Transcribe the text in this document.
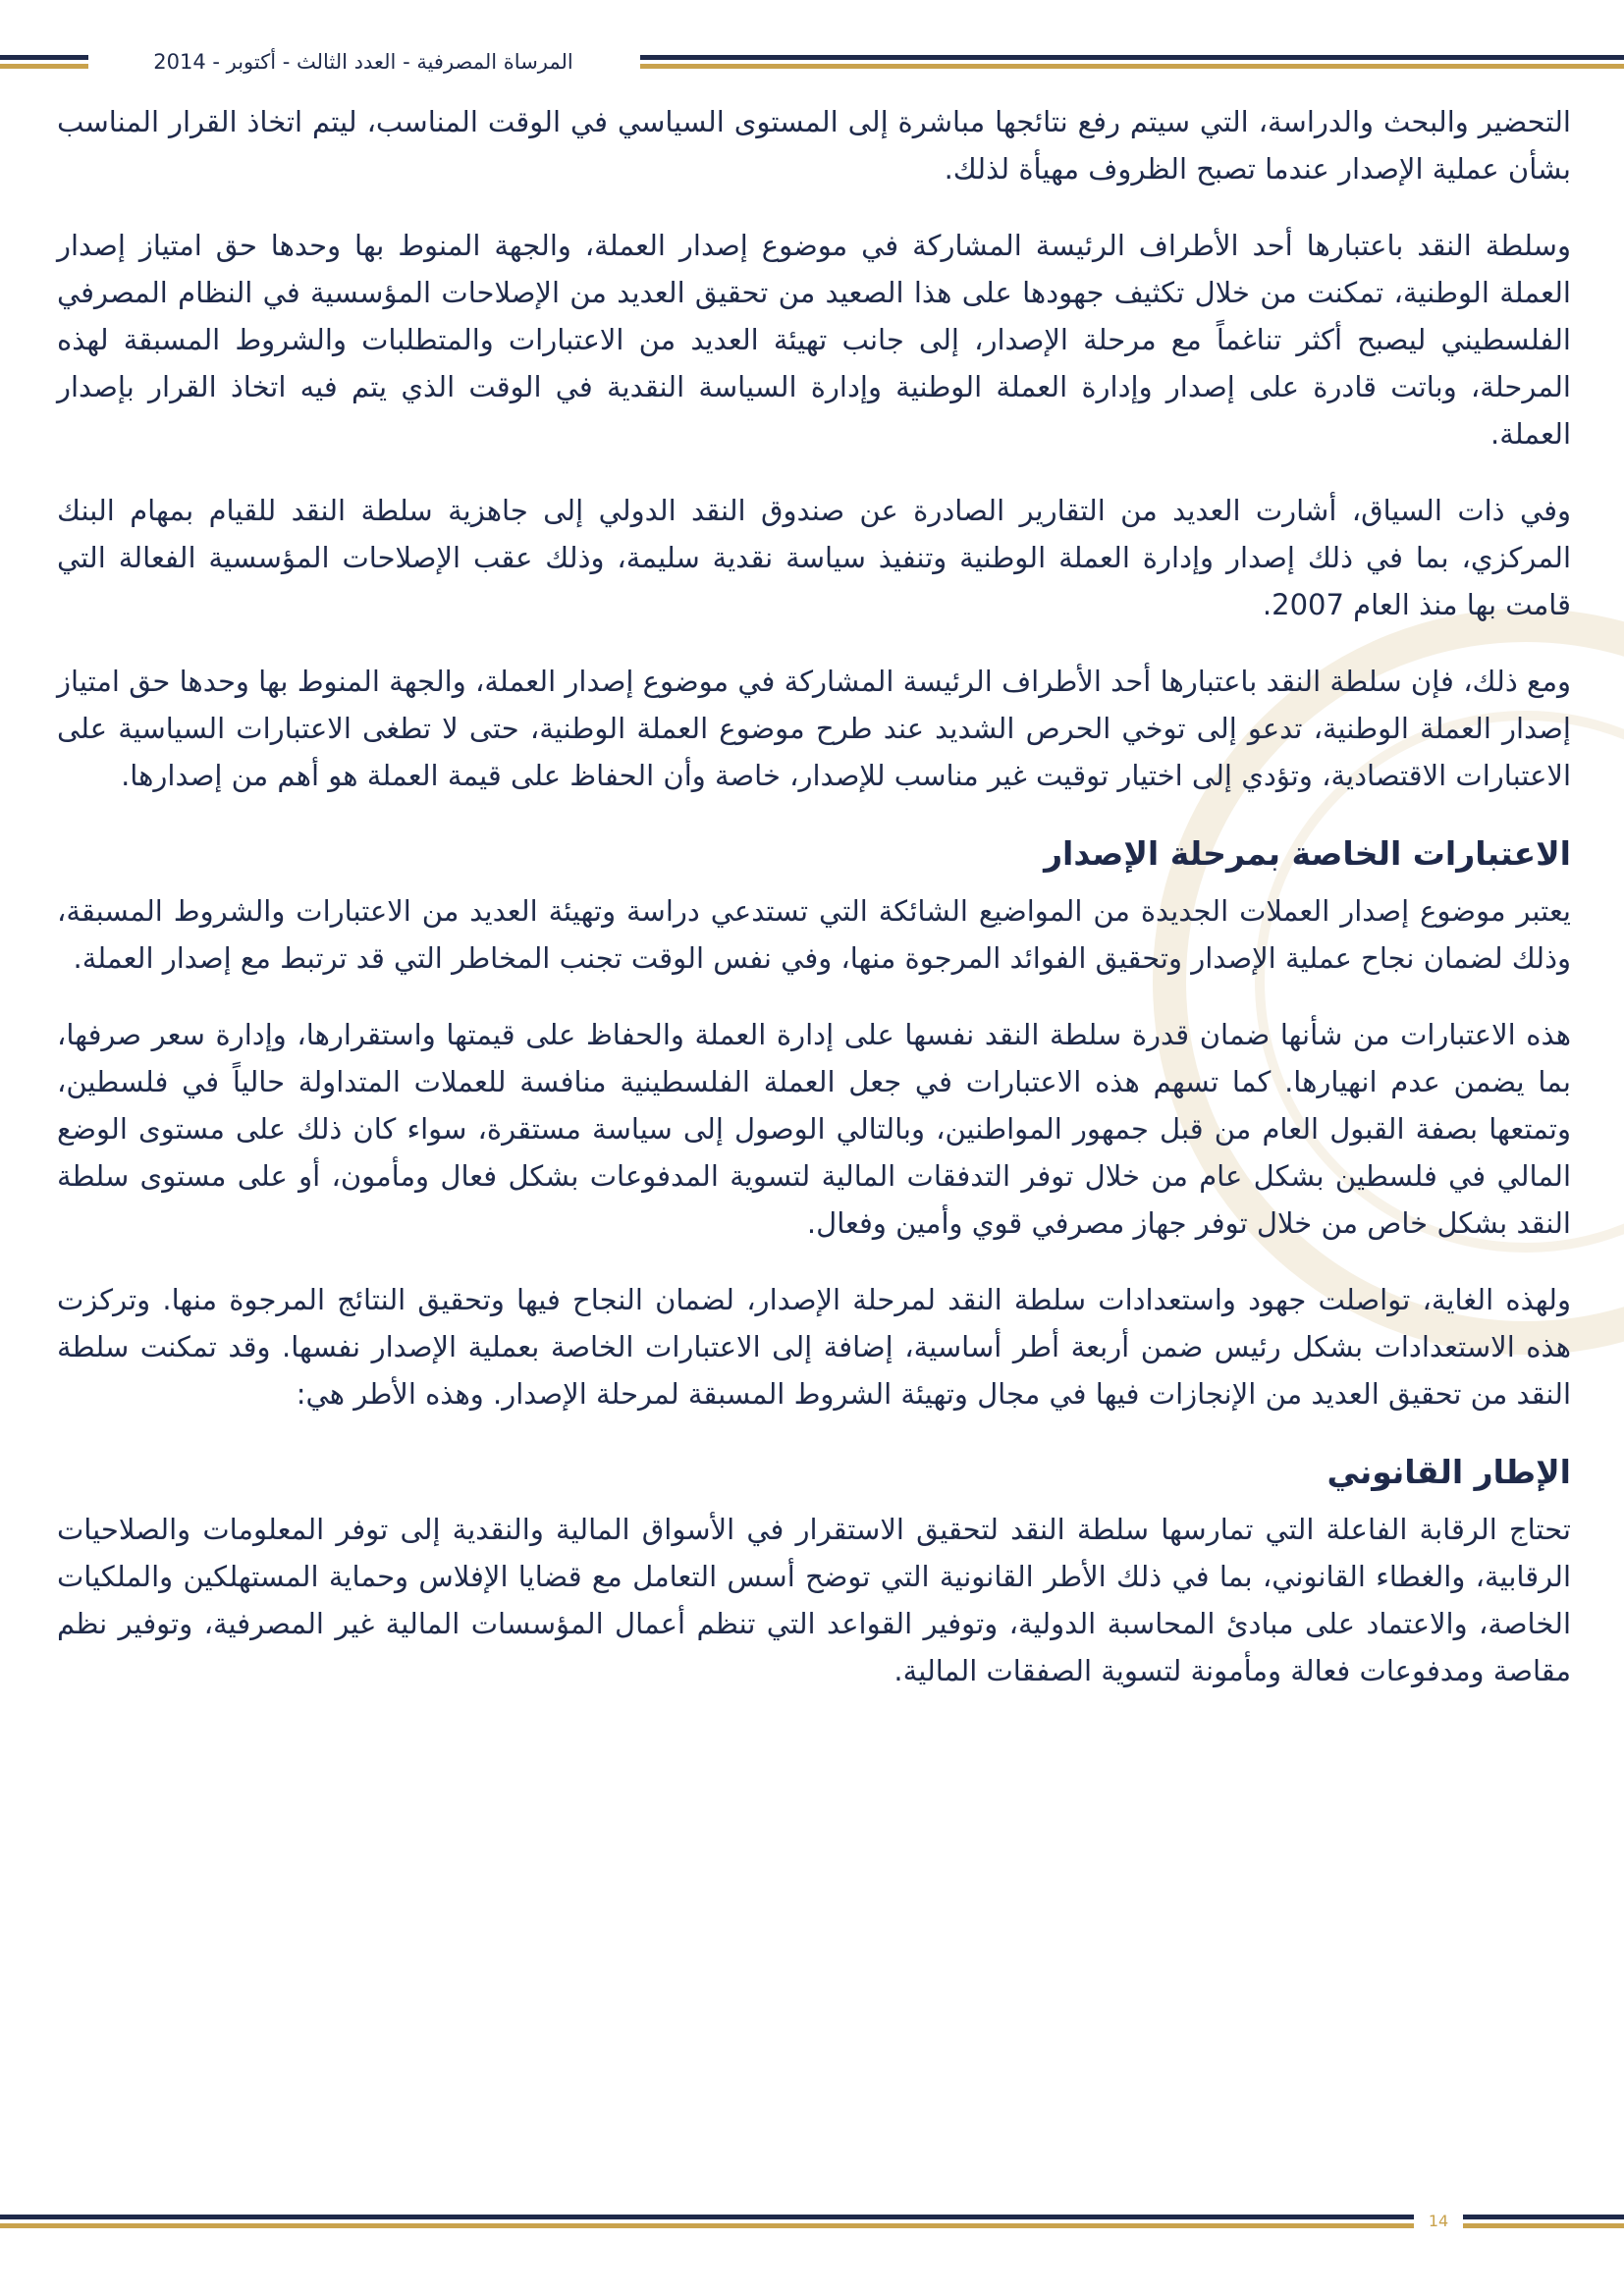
المرساة المصرفية - العدد الثالث - أكتوبر - 2014

التحضير والبحث والدراسة، التي سيتم رفع نتائجها مباشرة إلى المستوى السياسي في الوقت المناسب، ليتم اتخاذ القرار المناسب بشأن عملية الإصدار عندما تصبح الظروف مهيأة لذلك.

وسلطة النقد باعتبارها أحد الأطراف الرئيسة المشاركة في موضوع إصدار العملة، والجهة المنوط بها وحدها حق امتياز إصدار العملة الوطنية، تمكنت من خلال تكثيف جهودها على هذا الصعيد من تحقيق العديد من الإصلاحات المؤسسية في النظام المصرفي الفلسطيني ليصبح أكثر تناغماً مع مرحلة الإصدار، إلى جانب تهيئة العديد من الاعتبارات والمتطلبات والشروط المسبقة لهذه المرحلة، وباتت قادرة على إصدار وإدارة العملة الوطنية وإدارة السياسة النقدية في الوقت الذي يتم فيه اتخاذ القرار بإصدار العملة.

وفي ذات السياق، أشارت العديد من التقارير الصادرة عن صندوق النقد الدولي إلى جاهزية سلطة النقد للقيام بمهام البنك المركزي، بما في ذلك إصدار وإدارة العملة الوطنية وتنفيذ سياسة نقدية سليمة، وذلك عقب الإصلاحات المؤسسية الفعالة التي قامت بها منذ العام 2007.

ومع ذلك، فإن سلطة النقد باعتبارها أحد الأطراف الرئيسة المشاركة في موضوع إصدار العملة، والجهة المنوط بها وحدها حق امتياز إصدار العملة الوطنية، تدعو إلى توخي الحرص الشديد عند طرح موضوع العملة الوطنية، حتى لا تطغى الاعتبارات السياسية على الاعتبارات الاقتصادية، وتؤدي إلى اختيار توقيت غير مناسب للإصدار، خاصة وأن الحفاظ على قيمة العملة هو أهم من إصدارها.

الاعتبارات الخاصة بمرحلة الإصدار

يعتبر موضوع إصدار العملات الجديدة من المواضيع الشائكة التي تستدعي دراسة وتهيئة العديد من الاعتبارات والشروط المسبقة، وذلك لضمان نجاح عملية الإصدار وتحقيق الفوائد المرجوة منها، وفي نفس الوقت تجنب المخاطر التي قد ترتبط مع إصدار العملة.

هذه الاعتبارات من شأنها ضمان قدرة سلطة النقد نفسها على إدارة العملة والحفاظ على قيمتها واستقرارها، وإدارة سعر صرفها، بما يضمن عدم انهيارها. كما تسهم هذه الاعتبارات في جعل العملة الفلسطينية منافسة للعملات المتداولة حالياً في فلسطين، وتمتعها بصفة القبول العام من قبل جمهور المواطنين، وبالتالي الوصول إلى سياسة مستقرة، سواء كان ذلك على مستوى الوضع المالي في فلسطين بشكل عام من خلال توفر التدفقات المالية لتسوية المدفوعات بشكل فعال ومأمون، أو على مستوى سلطة النقد بشكل خاص من خلال توفر جهاز مصرفي قوي وأمين وفعال.

ولهذه الغاية، تواصلت جهود واستعدادات سلطة النقد لمرحلة الإصدار، لضمان النجاح فيها وتحقيق النتائج المرجوة منها. وتركزت هذه الاستعدادات بشكل رئيس ضمن أربعة أطر أساسية، إضافة إلى الاعتبارات الخاصة بعملية الإصدار نفسها. وقد تمكنت سلطة النقد من تحقيق العديد من الإنجازات فيها في مجال وتهيئة الشروط المسبقة لمرحلة الإصدار. وهذه الأطر هي:

الإطار القانوني

تحتاج الرقابة الفاعلة التي تمارسها سلطة النقد لتحقيق الاستقرار في الأسواق المالية والنقدية إلى توفر المعلومات والصلاحيات الرقابية، والغطاء القانوني، بما في ذلك الأطر القانونية التي توضح أسس التعامل مع قضايا الإفلاس وحماية المستهلكين والملكيات الخاصة، والاعتماد على مبادئ المحاسبة الدولية، وتوفير القواعد التي تنظم أعمال المؤسسات المالية غير المصرفية، وتوفير نظم مقاصة ومدفوعات فعالة ومأمونة لتسوية الصفقات المالية.

14
